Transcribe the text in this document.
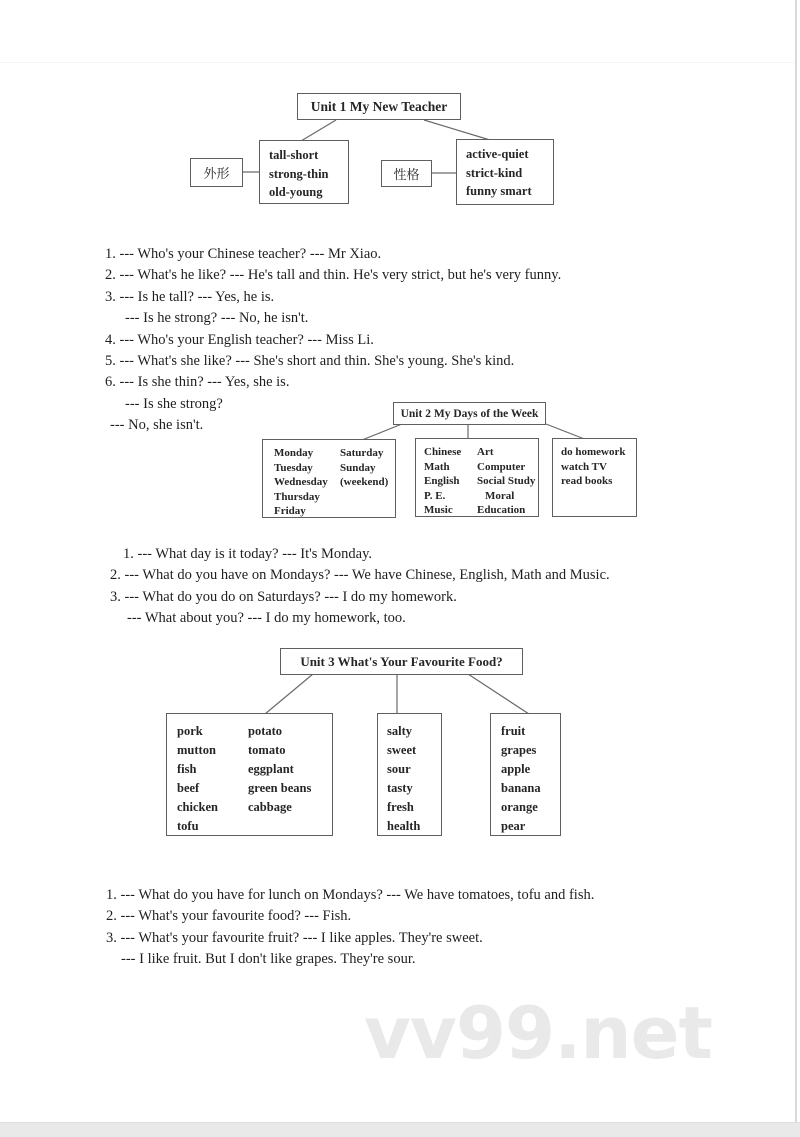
vv99.net
Unit 1 My New Teacher
外形
tall-short
strong-thin
old-young
性格
active-quiet
strict-kind
funny smart
1. --- Who's your Chinese teacher? --- Mr Xiao.
2. --- What's he like? --- He's tall and thin. He's very strict, but he's very funny.
3. --- Is he tall? --- Yes, he is.
--- Is he strong? --- No, he isn't.
4. --- Who's your English teacher? --- Miss Li.
5. --- What's she like? --- She's short and thin. She's young. She's kind.
6. --- Is she thin? --- Yes, she is.
--- Is she strong?
--- No, she isn't.
Unit 2 My Days of the Week
Monday
Tuesday
Wednesday
Thursday
Friday
Saturday
Sunday
(weekend)
Chinese
Math
English
P. E.
Music
Art
Computer
Social Study
Moral
Education
do homework
watch TV
read books
1. --- What day is it today? --- It's Monday.
2. --- What do you have on Mondays? --- We have Chinese, English, Math and Music.
3. --- What do you do on Saturdays? --- I do my homework.
--- What about you? --- I do my homework, too.
Unit 3 What's Your Favourite Food?
pork
mutton
fish
beef
chicken
tofu
potato
tomato
eggplant
green beans
cabbage
salty
sweet
sour
tasty
fresh
health
fruit
grapes
apple
banana
orange
pear
1. --- What do you have for lunch on Mondays? --- We have tomatoes, tofu and fish.
2. --- What's your favourite food? --- Fish.
3. --- What's your favourite fruit? --- I like apples. They're sweet.
--- I like fruit. But I don't like grapes. They're sour.
